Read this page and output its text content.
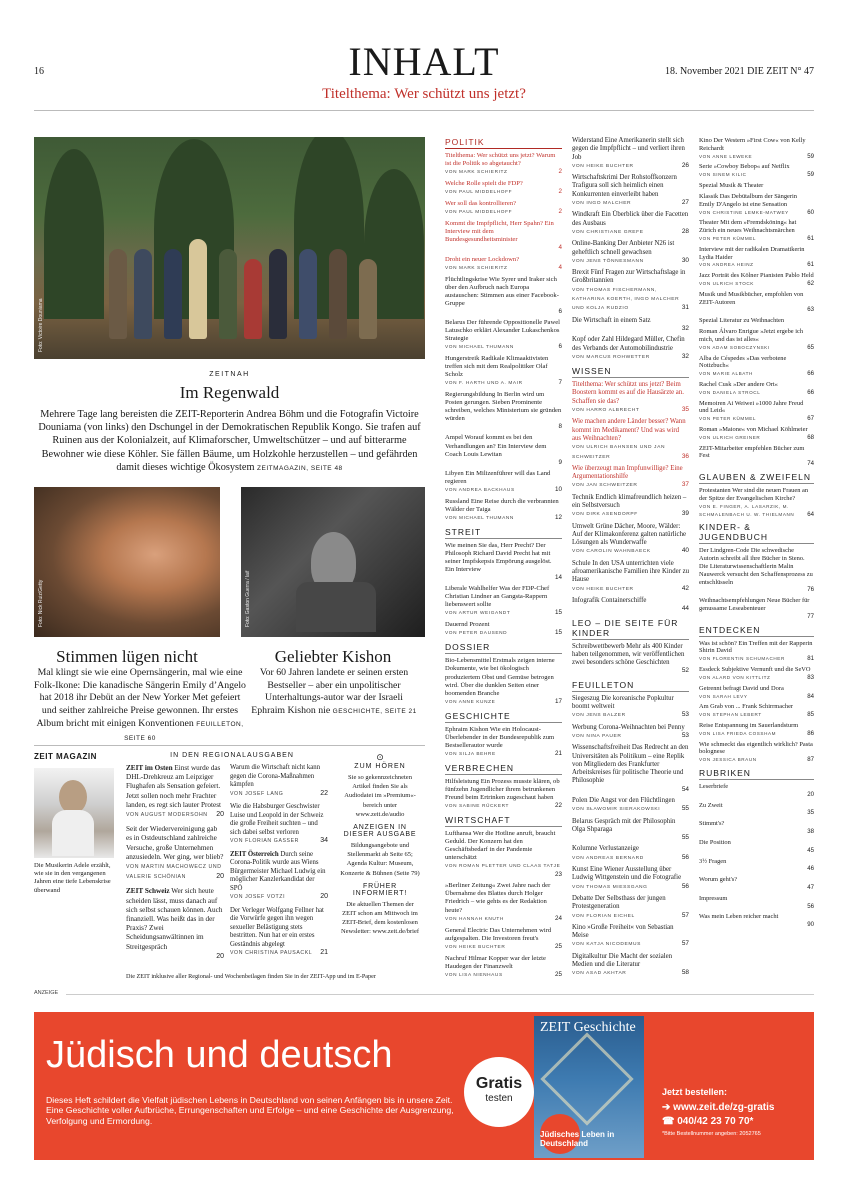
16	INHALT	18. November 2021 DIE ZEIT N° 47
Titelthema: Wer schützt uns jetzt?
Foto: Victoire Douniama
ZEITNAH
Im Regenwald
Mehrere Tage lang bereisten die ZEIT-Reporterin Andrea Böhm und die Fotografin Victoire Douniama (von links) den Dschungel in der Demokratischen Republik Kongo. Sie trafen auf Ruinen aus der Kolonialzeit, auf Klimaforscher, Umweltschützer – und auf bitterarme Bewohner wie diese Köhler. Sie fällen Bäume, um Holzkohle herzustellen – und gefährden damit dieses wichtige Ökosystem ZEITMAGAZIN, SEITE 48
Foto: Nick Ruiz/Getty	Foto: Gaston Guerra / laif
Stimmen lügen nicht
Mal klingt sie wie eine Opernsängerin, mal wie eine Folk-Ikone: Die kanadische Sängerin Emily d’Angelo hat 2018 ihr Debüt an der New Yorker Met gefeiert und seither zahlreiche Preise gewonnen. Ihr erstes Album bricht mit einigen Konventionen FEUILLETON, SEITE 60
Geliebter Kishon
Vor 60 Jahren landete er seinen ersten Bestseller – aber ein unpolitischer Unterhaltungs-autor war der Israeli Ephraim Kishon nie GESCHICHTE, SEITE 21
ZEIT MAGAZIN
Die Musikerin Adele erzählt, wie sie in den vergangenen Jahren eine tiefe Lebenskrise überwand
IN DEN REGIONALAUSGABEN
ZEIT im Osten Einst wurde das DHL-Drehkreuz am Leipziger Flughafen als Sensation gefeiert. Jetzt sollen noch mehr Frachter landen, es regt sich lauter Protest
VON AUGUST MODERSOHN 20
Seit der Wiedervereinigung gab es in Ostdeutschland zahlreiche Versuche, große Unternehmen anzusiedeln. Wer ging, wer blieb?
VON MARTIN MACHOWECZ UND VALERIE SCHÖNIAN	20
ZEIT Schweiz Wer sich heute scheiden lässt, muss danach auf sich selbst schauen können. Auch finanziell. Was heißt das in der Praxis? Zwei Scheidungsanwältinnen im Streitgespräch
20
Warum die Wirtschaft nicht kann gegen die Corona-Maßnahmen kämpfen
VON JOSEF LANG	22
Wie die Habsburger Geschwister Luise und Leopold in der Schweiz die große Freiheit suchten – und sich dabei selbst verloren
VON FLORIAN GASSER	34
ZEIT Österreich Durch seine Corona-Politik wurde aus Wiens Bürgermeister Michael Ludwig ein möglicher Kanzlerkandidat der SPÖ
VON JOSEF VOTZI	20
Der Verleger Wolfgang Fellner hat die Vorwürfe gegen ihn wegen sexueller Belästigung stets bestritten. Nun hat er ein erstes Geständnis abgelegt
VON CHRISTINA PAUSACKL 21
Die ZEIT inklusive aller Regional- und Wochenbeilagen finden Sie in der ZEIT-App und im E-Paper
⊙
ZUM HÖREN
Sie so gekennzeichneten Artikel finden Sie als Audiodatei im »Premium«-bereich unter www.zeit.de/audio
ANZEIGEN IN DIESER AUSGABE
Bildungsangebote und Stellenmarkt ab Seite 65; Agenda Kultur: Museum, Konzerte & Bühnen (Seite 79)
FRÜHER INFORMIERT!
Die aktuellen Themen der ZEIT schon am Mittwoch im ZEIT-Brief, dem kostenlosen Newsletter: www.zeit.de/brief
POLITIK
Titelthema: Wer schützt uns jetzt? Warum ist die Politik so abgetaucht?
VON MARK SCHIERITZ	2
Welche Rolle spielt die FDP?
VON PAUL MIDDELHOFF	2
Wer soll das kontrollieren?
VON PAUL MIDDELHOFF	2
Kommt die Impfpflicht, Herr Spahn? Ein Interview mit dem Bundesgesundheitsminister
4
Droht ein neuer Lockdown?
VON MARK SCHIERITZ	4
Flüchtlingskrise Wie Syrer und Iraker sich über den Aufbruch nach Europa austauschen: Stimmen aus einer Facebook-Gruppe
6
Belarus Der führende Oppositionelle Pawel Latuschko erklärt Alexander Lukaschenkos Strategie
VON MICHAEL THUMANN	6
Hungerstreik Radikale Klimaaktivisten treffen sich mit dem Realpolitiker Olaf Scholz
VON F. HARTH UND A. MAIR	7
Regierungsbildung In Berlin wird um Posten gerungen. Sieben Prominente schreiben, welches Ministerium sie gründen würden
8
Ampel Worauf kommt es bei den Verhandlungen an? Ein Interview dem Coach Louis Lewitan
9
Libyen Ein Milizenführer will das Land regieren
VON ANDREA BACKHAUS	10
Russland Eine Reise durch die verbrannten Wälder der Taiga
VON MICHAEL THUMANN	12
STREIT
Wie meinen Sie das, Herr Precht? Der Philosoph Richard David Precht hat mit seiner Impfskepsis Empörung ausgelöst. Ein Interview
14
Liberale Wahlhelfer Was der FDP-Chef Christian Lindner an Gangsta-Rappern liebenswert sollte
VON ARTUR WEIGANDT	15
Dauernd Prozent
VON PETER DAUSEND	15
DOSSIER
Bio-Lebensmittel Erstmals zeigen interne Dokumente, wie bei ökologisch produziertem Obst und Gemüse betrogen wird. Über die dunklen Seiten einer boomenden Branche
VON ANNE KUNZE	17
GESCHICHTE
Ephraim Kishon Wie ein Holocaust-Überlebender in der Bundesrepublik zum Bestsellerautor wurde
VON SILJA BEHRE	21
VERBRECHEN
Hilfsleistung Ein Prozess musste klären, ob fünfzehn Jugendlicher ihrem betrunkenen Freund beim Ertrinken zugeschaut haben
VON SABINE RÜCKERT	22
WIRTSCHAFT
Lufthansa Wer die Hotline anruft, braucht Geduld. Der Konzern hat den Geschäftsbedarf in der Pandemie unterschätzt
VON ROMAN PLETTER UND CLAAS TATJE
23
»Berliner Zeitung« Zwei Jahre nach der Übernahme des Blattes durch Holger Friedrich – wie gehts es der Redaktion heute?
VON HANNAH KNUTH	24
General Electric Das Unternehmen wird aufgespalten. Die Investoren freut's
VON HEIKE BUCHTER	25
Nachruf Hilmar Kopper war der letzte Haudegen der Finanzwelt
VON LISA NIENHAUS	25
Widerstand Eine Amerikanerin stellt sich gegen die Impfpflicht – und verliert ihren Job
VON HEIKE BUCHTER	26
Wirtschaftskrimi Der Rohstoffkonzern Trafigura soll sich heimlich einen Konkurrenten einverleibt haben
VON INGO MALCHER	27
Windkraft Ein Überblick über die Facetten des Ausbaus
VON CHRISTIANE GREFE	28
Online-Banking Der Anbieter N26 ist geheftlich schnell gewachsen
VON JENS TÖNNESMANN	30
Brexit Fünf Fragen zur Wirtschaftslage in Großbritannien
VON THOMAS FISCHERMANN, KATHARINA KOERTH, INGO MALCHER UND KOLJA RUDZIO	31
Die Wirtschaft in einem Satz
32
Kopf oder Zahl Hildegard Müller, Chefin des Verbands der Automobilindustrie
VON MARCUS ROHWETTER	32
WISSEN
Titelthema: Wer schützt uns jetzt? Beim Boostern kommt es auf die Hausärzte an. Schaffen sie das?
VON HARRO ALBRECHT	35
Wie machen andere Länder besser? Wann kommt im Medikament? Und was wird aus Weihnachten?
VON ULRICH BAHNSEN UND JAN SCHWEITZER	36
Wie überzeugt man Impfunwillige? Eine Argumentationshilfe
VON JAN SCHWEITZER	37
Technik Endlich klimafreundlich heizen – ein Selbstversuch
VON DIRK ASENDORPF	39
Umwelt Grüne Dächer, Moore, Wälder: Auf der Klimakonferenz galten natürliche Lösungen als Wunderwaffe
VON CAROLIN WAHNBAECK	40
Schule In den USA unterrichten viele afroamerikanische Familien ihre Kinder zu Hause
VON HEIKE BUCHTER	42
Infografik Containerschiffe
44
LEO – DIE SEITE FÜR KINDER
Schreibwettbewerb Mehr als 400 Kinder haben teilgenommen, wir veröffentlichen zwei besonders schöne Geschichten
52
FEUILLETON
Siegeszug Die koreanische Popkultur boomt weltweit
VON JENS BALZER	53
Werbung Corona-Weihnachten bei Penny
VON NINA PAUER	53
Wissenschaftsfreiheit Das Redrecht an den Universitäten als Politikum – eine Replik von Mitgliedern des Frankfurter Arbeitskreises für politische Theorie und Philosophie
54
Polen Die Angst vor den Flüchtlingen
VON SŁAWOMIR SIERAKOWSKI	55
Belarus Gespräch mit der Philosophin Olga Shparaga
55
Kolumne Verlustanzeige
VON ANDREAS BERNARD	56
Kunst Eine Wiener Ausstellung über Ludwig Wittgenstein und die Fotografie
VON THOMAS MIESSGANG	56
Debatte Der Selbsthass der jungen Protestgeneration
VON FLORIAN EICHEL	57
Kino »Große Freiheit« von Sebastian Meise
VON KATJA NICODEMUS	57
Digitalkultur Die Macht der sozialen Medien und die Literatur
VON ASAD AKHTAR	58
Kino Der Western »First Cow« von Kelly Reichardt
VON ANNE LEWEKE	59
Serie »Cowboy Bebop« auf Netflix
VON SINEM KILIC	59
Spezial Musik & Theater
Klassik Das Debütalbum der Sängerin Emily D'Angelo ist eine Sensation
VON CHRISTINE LEMKE-MATWEY	60
Theater Mit dem »Fremdsköning« hat Zürich ein neues Weihnachtsmärchen
VON PETER KÜMMEL	61
Interview mit der radikalen Dramatikerin Lydia Haider
VON ANDREA HEINZ	61
Jazz Porträt des Kölner Pianisten Pablo Held
VON ULRICH STOCK	62
Musik und Musikbücher, empfohlen von ZEIT-Autoren
63
Spezial Literatur zu Weihnachten
Roman Álvaro Enrigue »Jetzt ergebe ich mich, und das ist alles«
VON ADAM SOBOCZYNSKI	65
Alba de Céspedes »Das verbotene Notizbuch«
VON MARIE ALBATH	66
Rachel Cusk »Der andere Ort«
VON DANIELA STROCL	66
Memoiren Ai Weiwei »1000 Jahre Freud und Leid«
VON PETER KÜMMEL	67
Roman »Maione« von Michael Köhlmeier
VON ULRICH GREINER	68
ZEIT-Mitarbeiter empfehlen Bücher zum Fest
74
GLAUBEN & ZWEIFELN
Protestanten Wer sind die neuen Frauen an der Spitze der Evangelischen Kirche?
VON E. FINGER, A. LASARZIK, M. SCHMALENBACH U. W. THIELMANN 64
KINDER- & JUGENDBUCH
Der Lindgren-Code Die schwedische Autorin schreibt all ihre Bücher in Steno. Die Literaturwissenschaftlerin Malin Nauwerck versucht den Schaffensprozess zu entschlüsseln
76
Weihnachtsempfehlungen Neue Bücher für genussame Leseabenteuer
77
ENTDECKEN
Was ist schön? Ein Treffen mit der Rapperin Shirin David
VON FLORENTIN SCHUMACHER	81
Essdeck Subjektive Vernunft und die SeVO
VON ALARD VON KITTLITZ	83
Getrennt befragt David und Dora
VON SARAH LEVY	84
Am Grab von ... Frank Schirrmacher
VON STEPHAN LEBERT	85
Reise Entspannung im Sauerlandsturm
VON LISA FRIEDA COSSHAM	86
Wie schmeckt das eigentlich wirklich? Pasta bolognese
VON JESSICA BRAUN	87
RUBRIKEN
Leserbriefe
20
Zu Zweit
35
Stimmt's?
38
Die Position
45
3½ Fragen
46
Worum geht's?
47
Impressum
56
Was mein Leben reicher macht
90
ANZEIGE
Jüdisch und deutsch
Dieses Heft schildert die Vielfalt jüdischen Lebens in Deutschland von seinen Anfängen bis in unsere Zeit. Eine Geschichte voller Aufbrüche, Errungenschaften und Erfolge – und eine Geschichte der Ausgrenzung, Verfolgung und Ermordung.
Gratis
testen
ZEIT Geschichte
Jüdisches Leben in Deutschland
Jetzt bestellen:
➔ www.zeit.de/zg-gratis
☎ 040/42 23 70 70*
*Bitte Bestellnummer angeben: 2052765
